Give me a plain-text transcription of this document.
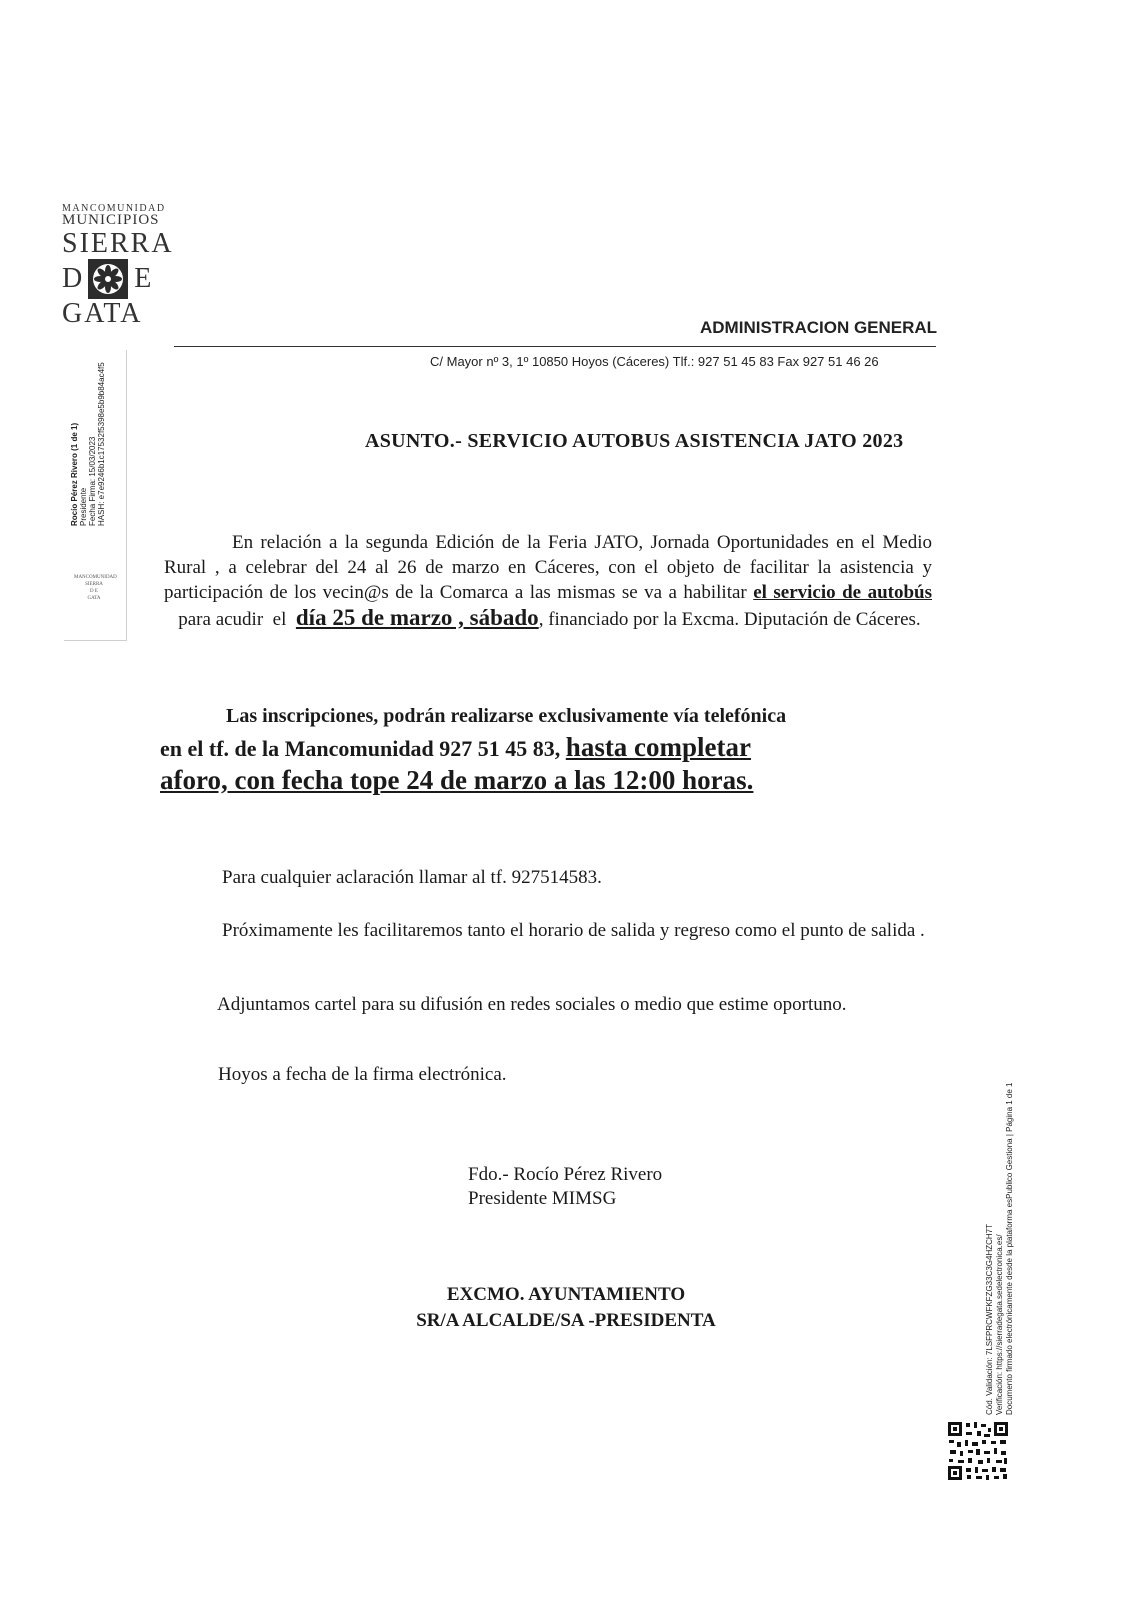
MANCOMUNIDAD
MUNICIPIOS
SIERRA
D E
GATA
Rocío Pérez Rivero (1 de 1) Presidente Fecha Firma: 15/03/2023 HASH: e7e9246b1c17532f5398e5b9b84ac4f5
MANCOMUNIDAD
SIERRA
D E
GATA
ADMINISTRACION GENERAL
C/ Mayor nº 3, 1º 10850 Hoyos (Cáceres) Tlf.: 927 51 45 83 Fax 927 51 46 26
ASUNTO.- SERVICIO AUTOBUS ASISTENCIA JATO 2023
En relación a la segunda Edición de la Feria JATO, Jornada Oportunidades en el Medio Rural , a celebrar del 24 al 26 de marzo en Cáceres, con el objeto de facilitar la asistencia y participación de los vecin@s de la Comarca a las mismas se va a habilitar el servicio de autobús   para acudir  el  día 25 de marzo , sábado, financiado por la Excma. Diputación de Cáceres.
Las inscripciones, podrán realizarse exclusivamente vía telefónica
en el tf. de la Mancomunidad 927 51 45 83, hasta completar
aforo, con fecha tope 24 de marzo a las 12:00 horas.
Para cualquier aclaración llamar al tf. 927514583.
Próximamente les facilitaremos tanto el horario de salida y regreso como el punto de salida .
Adjuntamos cartel para su difusión en redes sociales o medio que estime oportuno.
Hoyos a fecha de la firma electrónica.
Fdo.- Rocío Pérez Rivero
Presidente MIMSG
EXCMO. AYUNTAMIENTO
SR/A ALCALDE/SA -PRESIDENTA	Cód. Validación: 7LSFPRCWFKFZG33C3G4HZCH7T Verificación: https://sierradegata.sedelectronica.es/ Documento firmado electrónicamente desde la plataforma esPublico Gestiona | Página 1 de 1
